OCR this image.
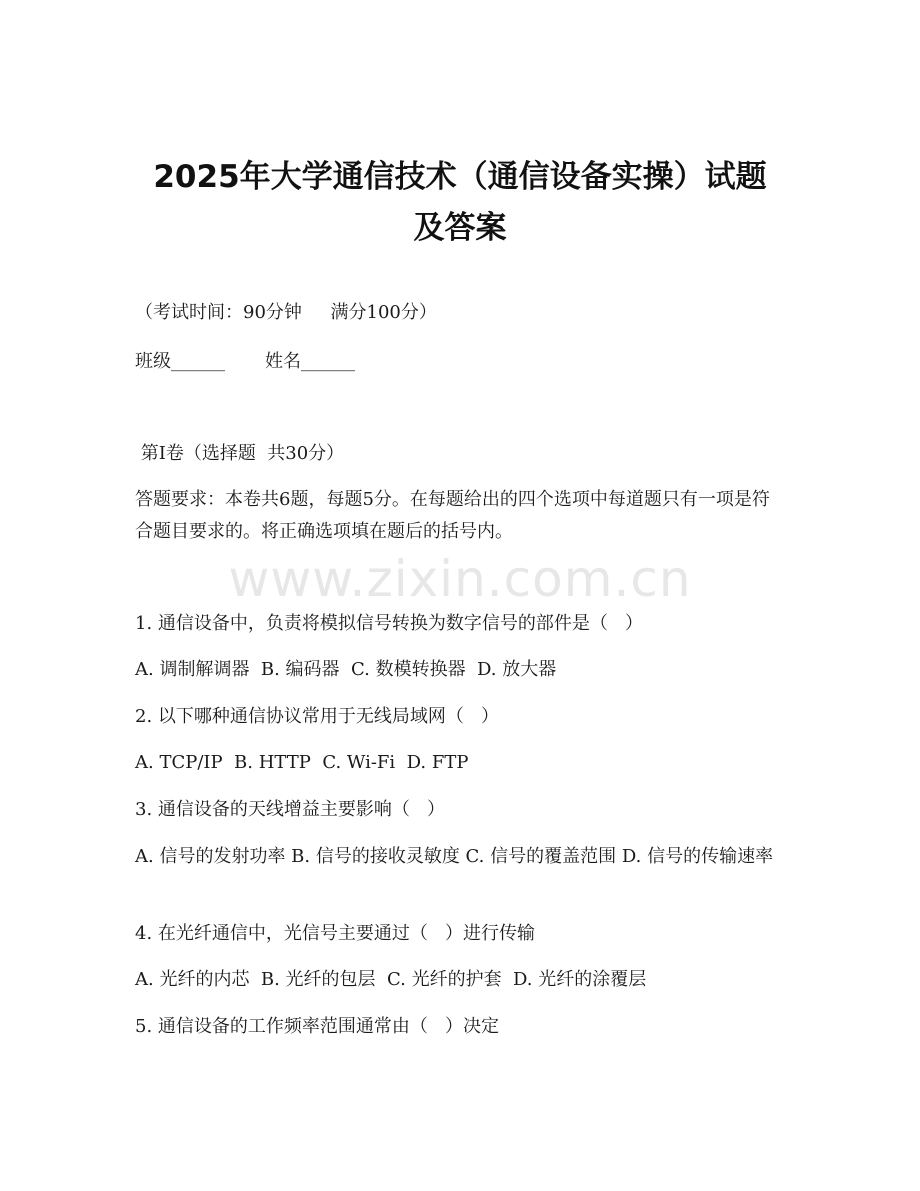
2025年大学通信技术（通信设备实操）试题
及答案
（考试时间：90分钟     满分100分）
班级______       姓名______
第I卷（选择题  共30分）
答题要求：本卷共6题，每题5分。在每题给出的四个选项中每道题只有一项是符合题目要求的。将正确选项填在题后的括号内。
www.zixin.com.cn
1. 通信设备中，负责将模拟信号转换为数字信号的部件是（   ）
A. 调制解调器  B. 编码器  C. 数模转换器  D. 放大器
2. 以下哪种通信协议常用于无线局域网（   ）
A. TCP/IP  B. HTTP  C. Wi-Fi  D. FTP
3. 通信设备的天线增益主要影响（   ）
A. 信号的发射功率 B. 信号的接收灵敏度 C. 信号的覆盖范围 D. 信号的传输速率
4. 在光纤通信中，光信号主要通过（   ）进行传输
A. 光纤的内芯  B. 光纤的包层  C. 光纤的护套  D. 光纤的涂覆层
5. 通信设备的工作频率范围通常由（   ）决定
